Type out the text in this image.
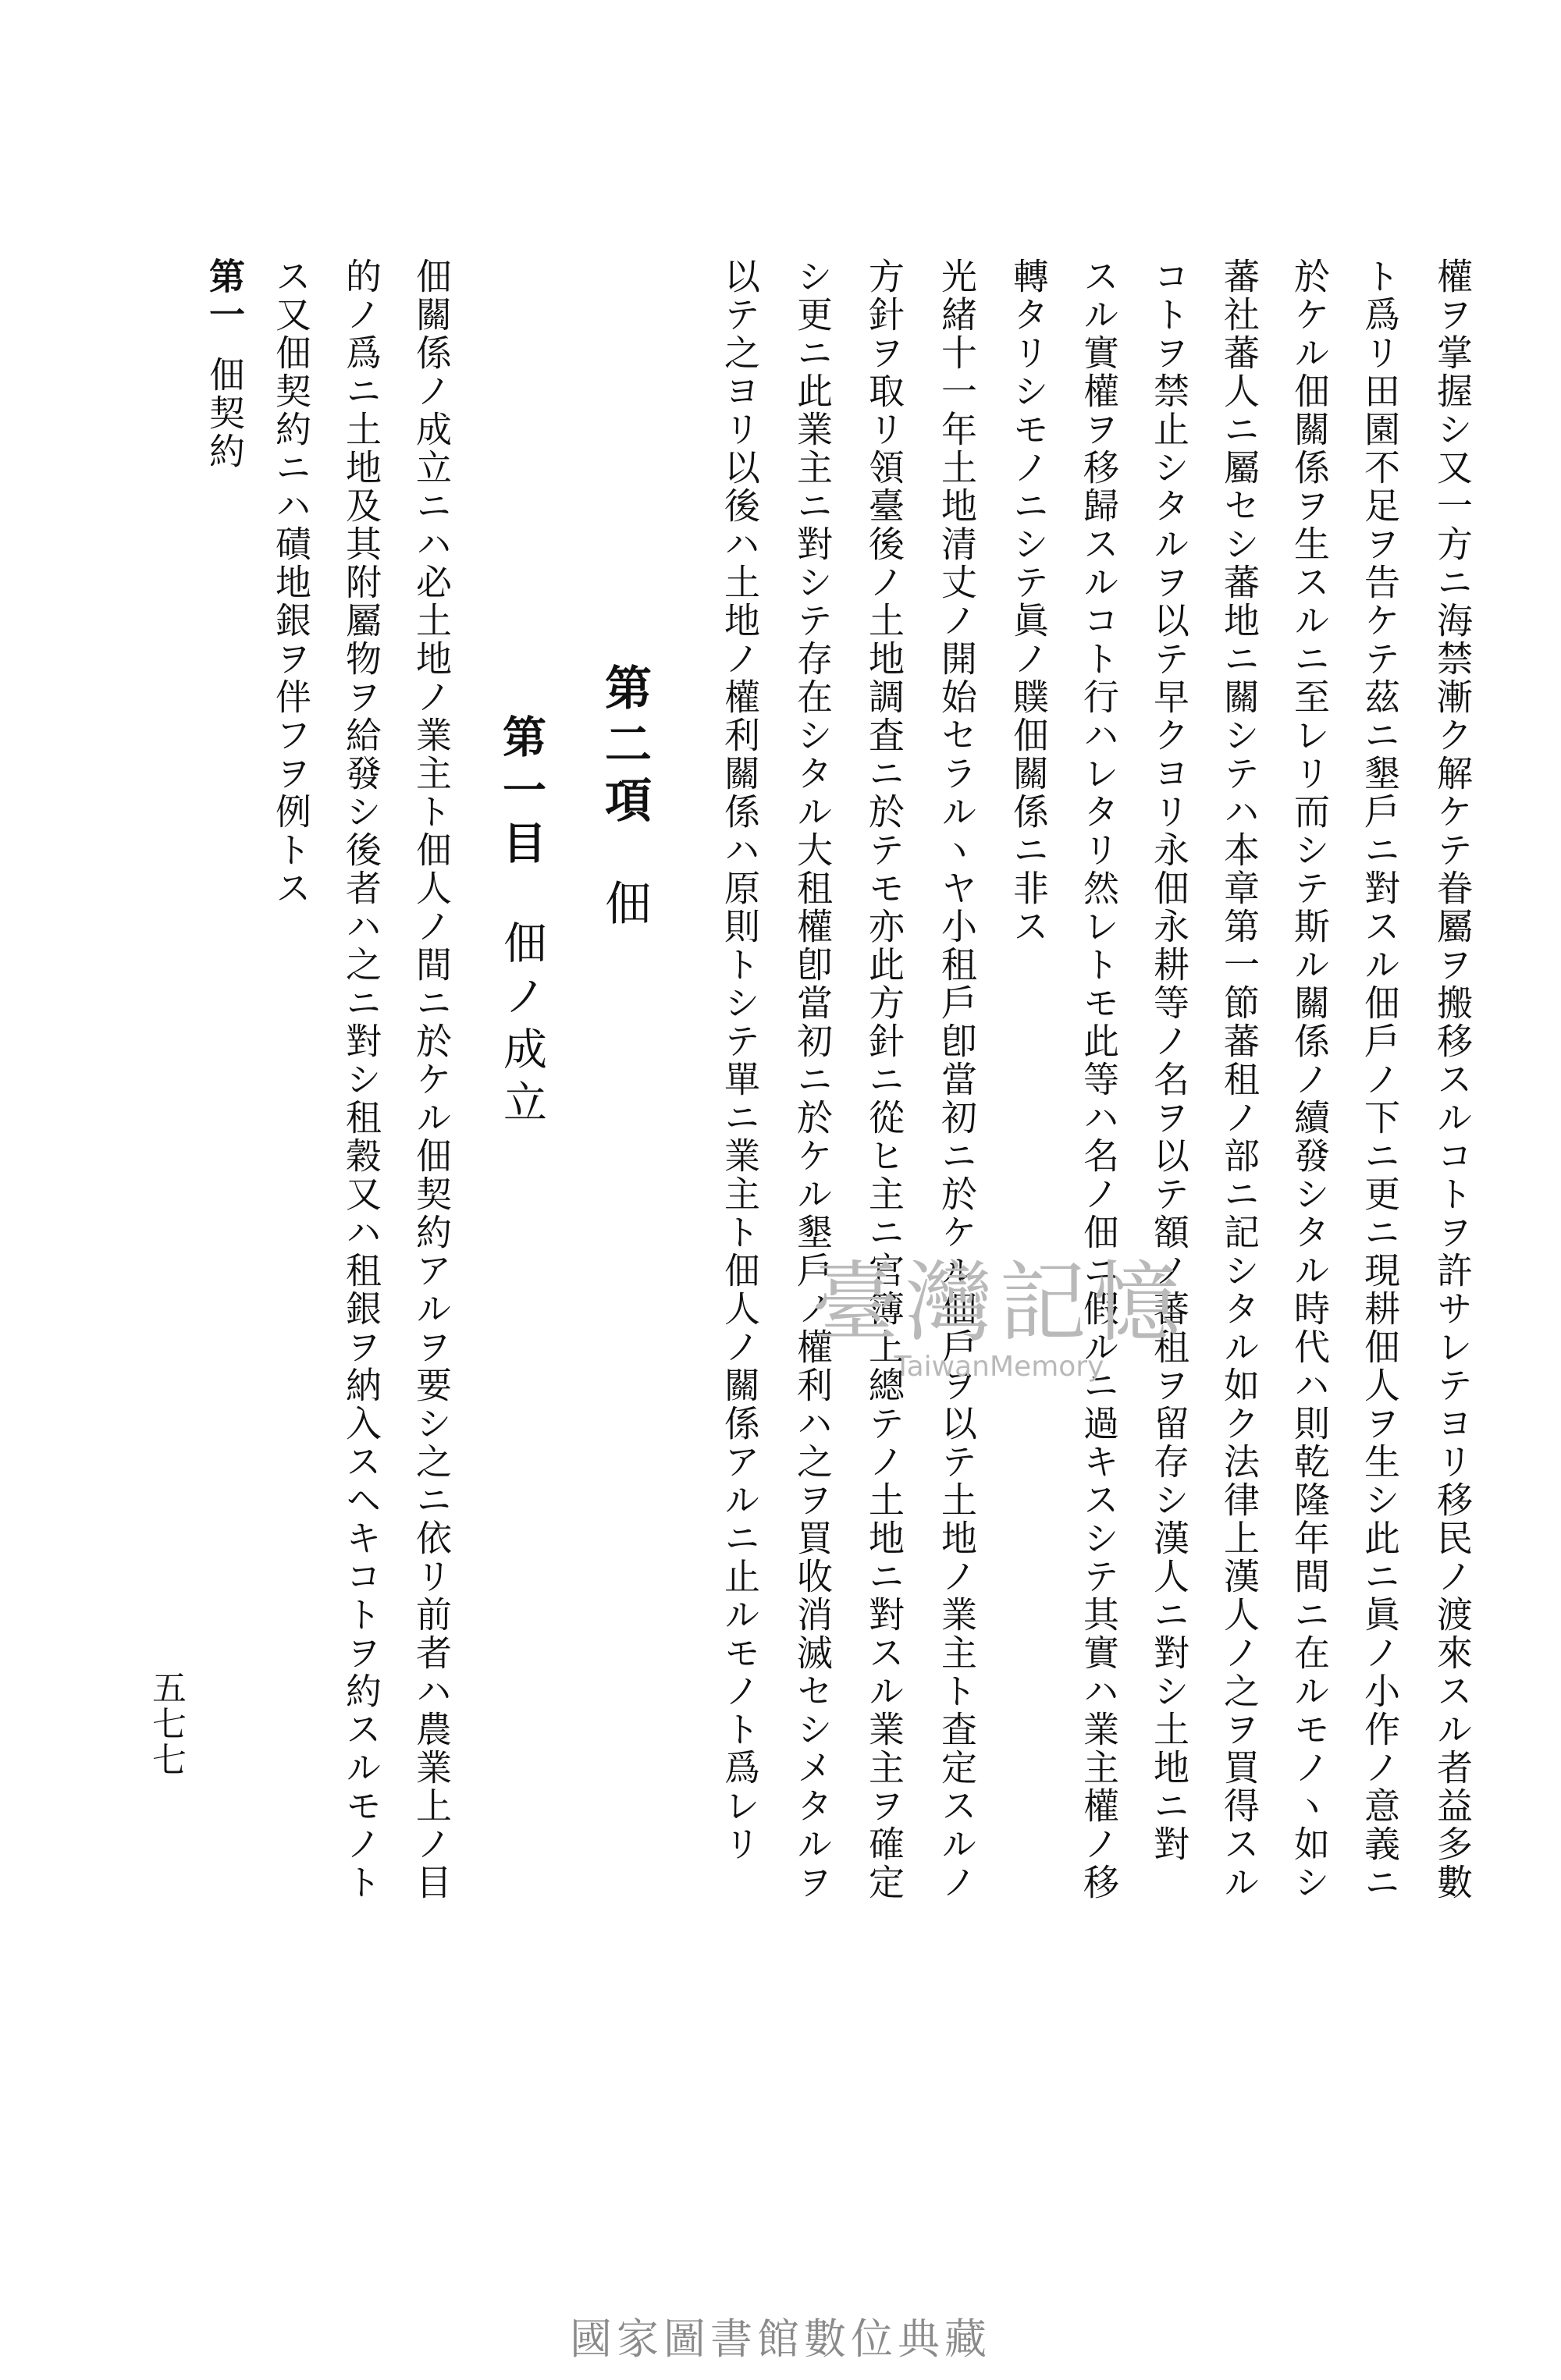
權ヲ掌握シ又一方ニ海禁漸ク解ケテ眷屬ヲ搬移スルコトヲ許サレテヨリ移民ノ渡來スル者益多數
ト爲リ田園不足ヲ告ケテ茲ニ墾戶ニ對スル佃戶ノ下ニ更ニ現耕佃人ヲ生シ此ニ眞ノ小作ノ意義ニ
於ケル佃關係ヲ生スルニ至レリ而シテ斯ル關係ノ續發シタル時代ハ則乾隆年間ニ在ルモノヽ如シ
蕃社蕃人ニ屬セシ蕃地ニ關シテハ本章第一節蕃租ノ部ニ記シタル如ク法律上漢人ノ之ヲ買得スル
コトヲ禁止シタルヲ以テ早クヨリ永佃永耕等ノ名ヲ以テ額ノ蕃租ヲ留存シ漢人ニ對シ土地ニ對
スル實權ヲ移歸スルコト行ハレタリ然レトモ此等ハ名ノ佃ニ假ルニ過キスシテ其實ハ業主權ノ移
轉タリシモノニシテ眞ノ贌佃關係ニ非ス
光緒十一年土地清丈ノ開始セラルヽヤ小租戶卽當初ニ於ケル佃戶ヲ以テ土地ノ業主ト査定スルノ
方針ヲ取リ領臺後ノ土地調査ニ於テモ亦此方針ニ從ヒ主ニ官簿上總テノ土地ニ對スル業主ヲ確定
シ更ニ此業主ニ對シテ存在シタル大租權卽當初ニ於ケル墾戶ノ權利ハ之ヲ買收消滅セシメタルヲ
以テ之ヨリ以後ハ土地ノ權利關係ハ原則トシテ單ニ業主ト佃人ノ關係アルニ止ルモノト爲レリ
第二項佃
第一目佃ノ成立
佃關係ノ成立ニハ必土地ノ業主ト佃人ノ間ニ於ケル佃契約アルヲ要シ之ニ依リ前者ハ農業上ノ目
的ノ爲ニ土地及其附屬物ヲ給發シ後者ハ之ニ對シ租穀又ハ租銀ヲ納入スヘキコトヲ約スルモノト
ス又佃契約ニハ磧地銀ヲ伴フヲ例トス
第一佃契約
五七七
臺灣記憶
TaiwanMemory
國家圖書館數位典藏
